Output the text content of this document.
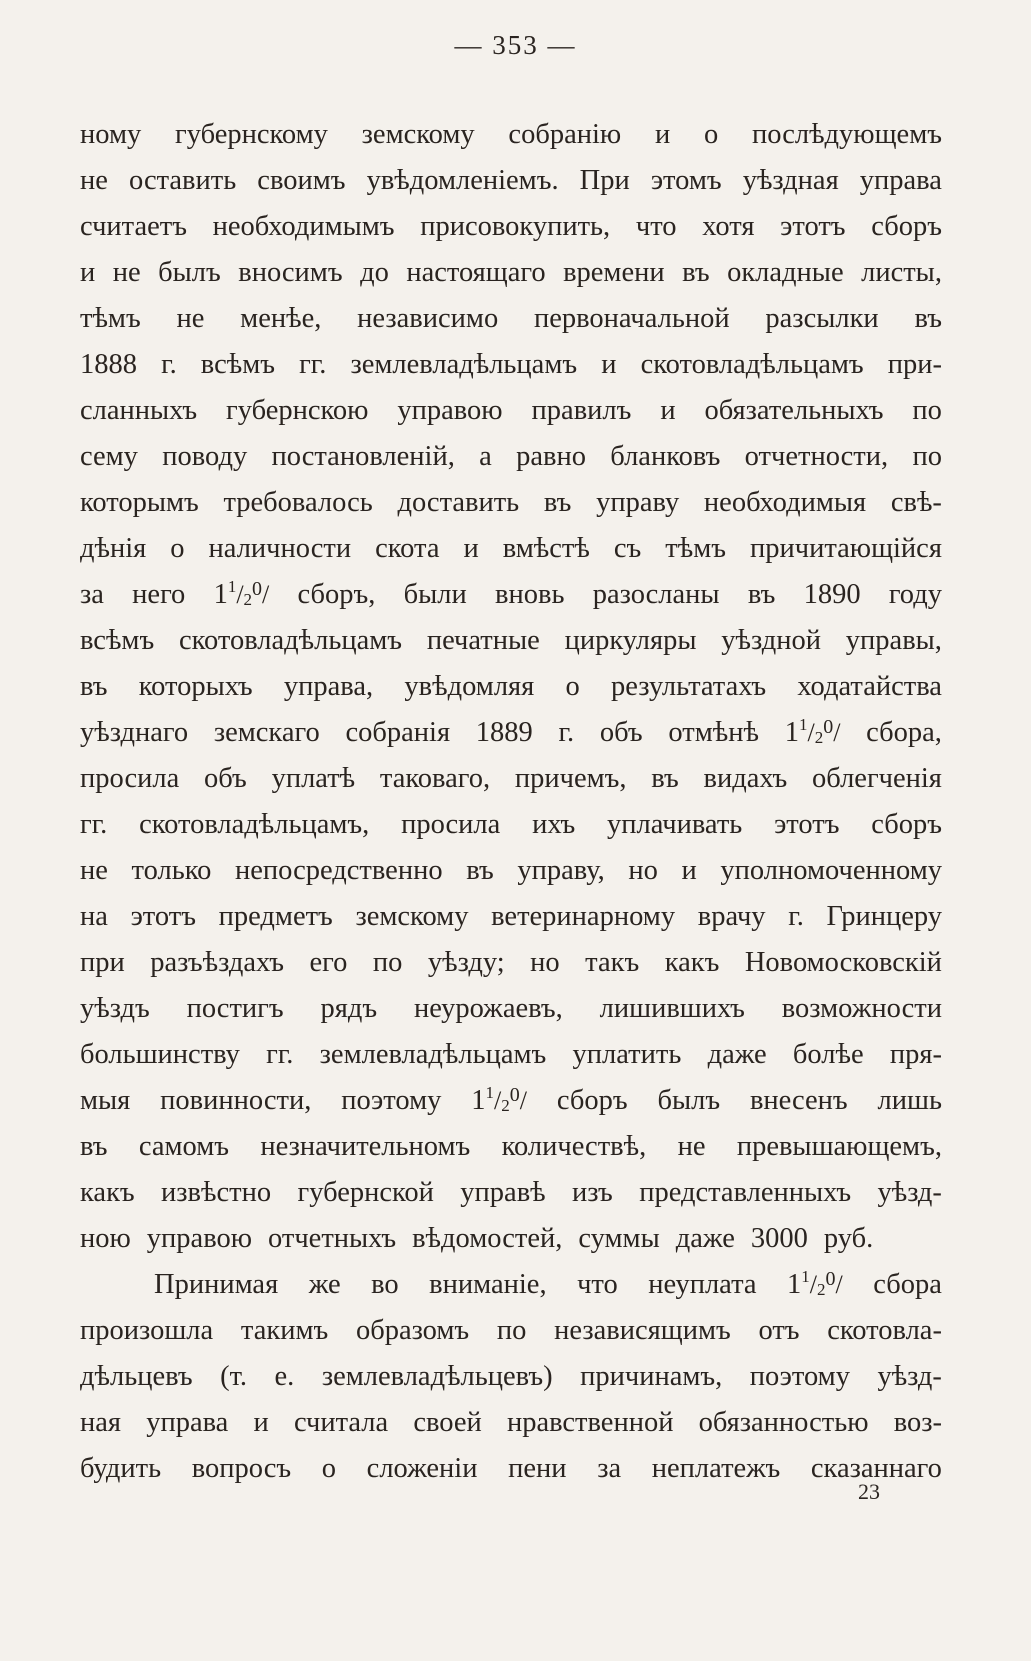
— 353 —
ному губернскому земскому собранію и о послѣдующемъ
не оставить своимъ увѣдомленіемъ. При этомъ уѣздная управа
считаетъ необходимымъ присовокупить, что хотя этотъ сборъ
и не былъ вносимъ до настоящаго времени въ окладные листы,
тѣмъ не менѣе, независимо первоначальной разсылки въ
1888 г. всѣмъ гг. землевладѣльцамъ и скотовладѣльцамъ при-
сланныхъ губернскою управою правилъ и обязательныхъ по
сему поводу постановленій, а равно бланковъ отчетности, по
которымъ требовалось доставить въ управу необходимыя свѣ-
дѣнія о наличности скота и вмѣстѣ съ тѣмъ причитающійся
за него 1 1 / 2 0 / сборъ, были вновь разосланы въ 1890 году
всѣмъ скотовладѣльцамъ печатные циркуляры уѣздной управы,
въ которыхъ управа, увѣдомляя о результатахъ ходатайства
уѣзднаго земскаго собранія 1889 г. объ отмѣнѣ 1 1 / 2 0 / сбора,
просила объ уплатѣ таковаго, причемъ, въ видахъ облегченія
гг. скотовладѣльцамъ, просила ихъ уплачивать этотъ сборъ
не только непосредственно въ управу, но и уполномоченному
на этотъ предметъ земскому ветеринарному врачу г. Гринцеру
при разъѣздахъ его по уѣзду; но такъ какъ Новомосковскій
уѣздъ постигъ рядъ неурожаевъ, лишившихъ возможности
большинству гг. землевладѣльцамъ уплатить даже болѣе пря-
мыя повинности, поэтому 1 1 / 2 0 / сборъ былъ внесенъ лишь
въ самомъ незначительномъ количествѣ, не превышающемъ,
какъ извѣстно губернской управѣ изъ представленныхъ уѣзд-
ною управою отчетныхъ вѣдомостей, суммы даже 3000 руб.
Принимая же во вниманіе, что неуплата 1 1 / 2 0 / сбора
произошла такимъ образомъ по независящимъ отъ скотовла-
дѣльцевъ (т. е. землевладѣльцевъ) причинамъ, поэтому уѣзд-
ная управа и считала своей нравственной обязанностью воз-
будить вопросъ о сложеніи пени за неплатежъ сказаннаго
23
